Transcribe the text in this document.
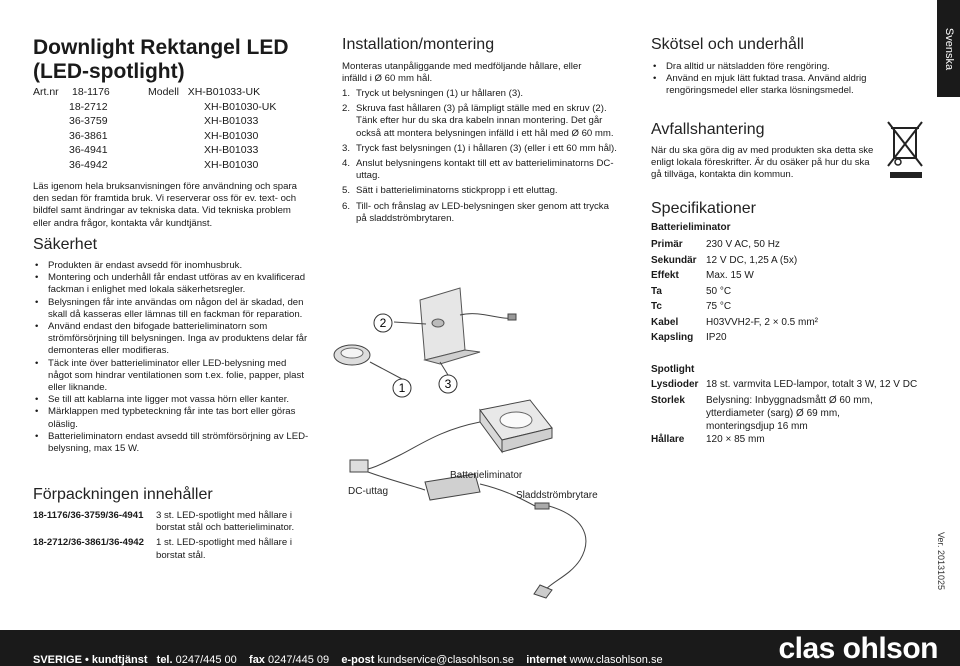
Downlight Rektangel LED
(LED-spotlight)
Art.nr 18-1176	Modell XH-B01033-UK
18-2712	XH-B01030-UK
36-3759	XH-B01033
36-3861	XH-B01030
36-4941	XH-B01033
36-4942	XH-B01030

Läs igenom hela bruksanvisningen före användning och spara den sedan för framtida bruk. Vi reserverar oss för ev. text- och bildfel samt ändringar av tekniska data. Vid tekniska problem eller andra frågor, kontakta vår kundtjänst.

Säkerhet
• Produkten är endast avsedd för inomhusbruk.
• Montering och underhåll får endast utföras av en kvalificerad fackman i enlighet med lokala säkerhetsregler.
• Belysningen får inte användas om någon del är skadad, den skall då kasseras eller lämnas till en fackman för reparation.
• Använd endast den bifogade batterieliminatorn som strömförsörjning till belysningen. Inga av produktens delar får demonteras eller modifieras.
• Täck inte över batterieliminator eller LED-belysning med något som hindrar ventilationen som t.ex. folie, papper, plast eller liknande.
• Se till att kablarna inte ligger mot vassa hörn eller kanter.
• Märklappen med typbeteckning får inte tas bort eller göras oläslig.
• Batterieliminatorn endast avsedd till strömförsörjning av LED-belysning, max 15 W.
Förpackningen innehåller
18-1176/36-3759/36-4941	3 st. LED-spotlight med hållare i borstat stål och batterieliminator.
18-2712/36-3861/36-4942	1 st. LED-spotlight med hållare i borstat stål.
Installation/montering

Monteras utanpåliggande med medföljande hållare, eller infälld i Ø 60 mm hål.

1. Tryck ut belysningen (1) ur hållaren (3).
2. Skruva fast hållaren (3) på lämpligt ställe med en skruv (2). Tänk efter hur du ska dra kabeln innan montering. Det går också att montera belysningen infälld i ett hål med Ø 60 mm.
3. Tryck fast belysningen (1) i hållaren (3) (eller i ett 60 mm hål).
4. Anslut belysningens kontakt till ett av batterieliminatorns DC-uttag.
5. Sätt i batterieliminatorns stickpropp i ett eluttag.
6. Till- och frånslag av LED-belysningen sker genom att trycka på sladdströmbrytaren.
2
1	3
DC-uttag
Batterieliminator
Sladdströmbrytare
Skötsel och underhåll
• Dra alltid ur nätsladden före rengöring.
• Använd en mjuk lätt fuktad trasa. Använd aldrig rengöringsmedel eller starka lösningsmedel.
Avfallshantering

När du ska göra dig av med produkten ska detta ske enligt lokala föreskrifter. Är du osäker på hur du ska gå tillväga, kontakta din kommun.

Specifikationer
Batterieliminator
Primär	230 V AC, 50 Hz
Sekundär	12 V DC, 1,25 A (5x)
Effekt	Max. 15 W
Ta	50 °C
Tc	75 °C
Kabel	H03VVH2-F, 2 × 0.5 mm²
Kapsling	IP20
Spotlight
Lysdioder	18 st. varmvita LED-lampor, totalt 3 W, 12 V DC
Storlek	Belysning: Inbyggnadsmått Ø 60 mm, ytterdiameter (sarg) Ø 69 mm, monteringsdjup 16 mm
Hållare	120 × 85 mm
Svenska
Ver. 20131025
SVERIGE • kundtjänst tel. 0247/445 00 fax 0247/445 09 e-post kundservice@clasohlson.se internet www.clasohlson.se	clas ohlson
